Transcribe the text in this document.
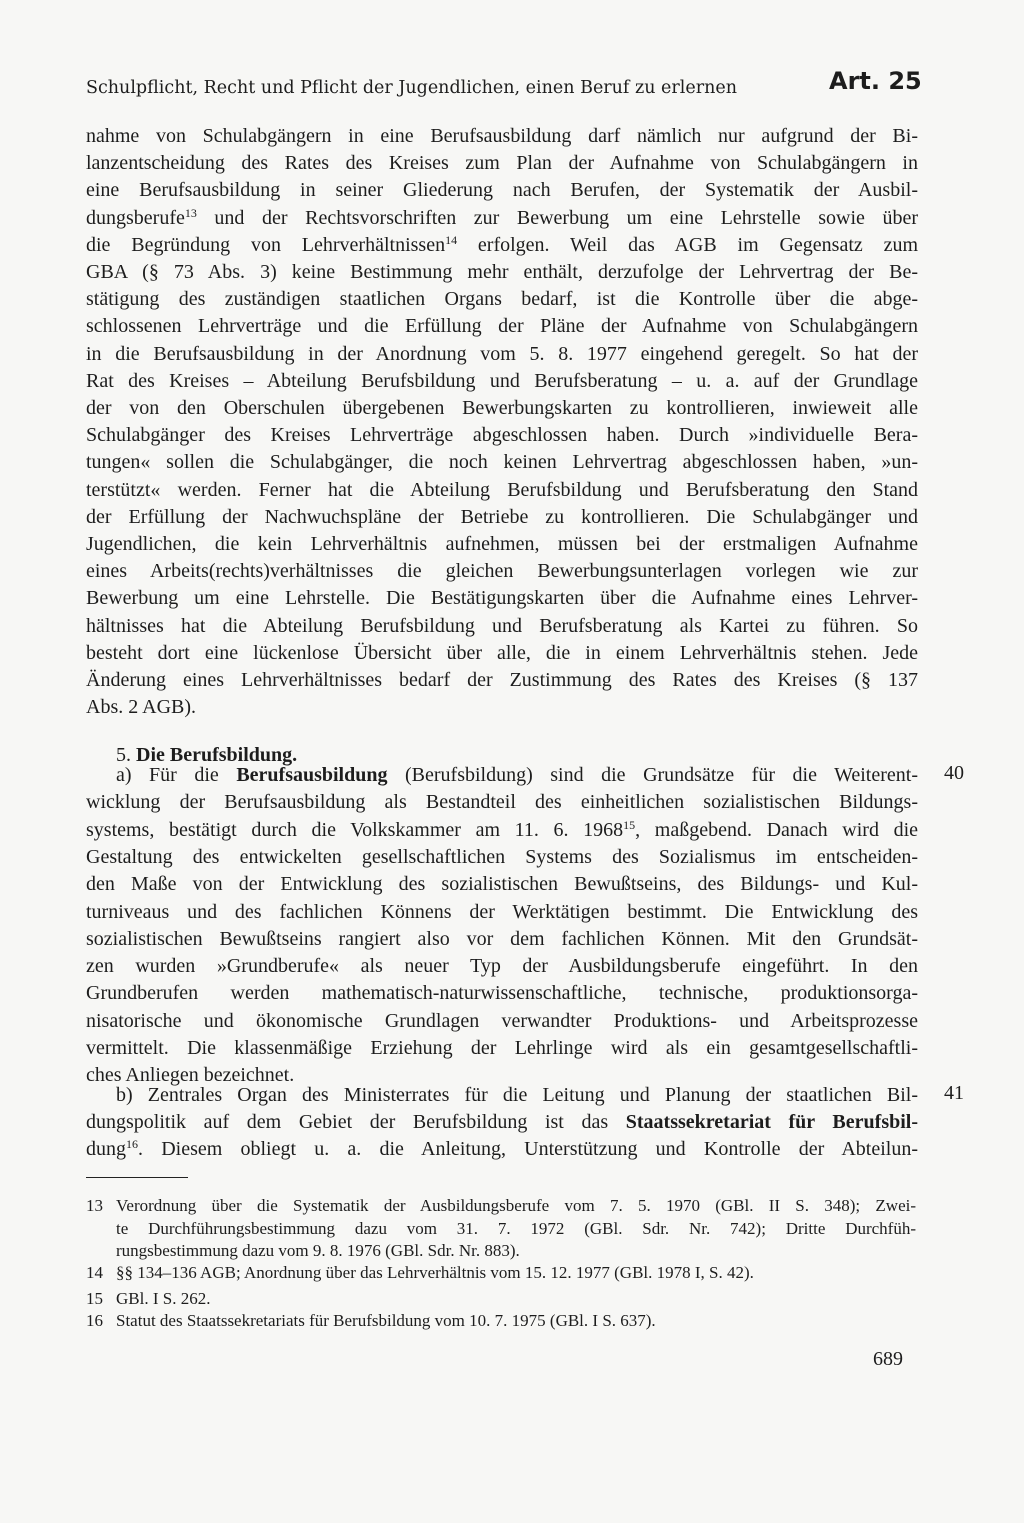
Schulpflicht, Recht und Pflicht der Jugendlichen, einen Beruf zu erlernen	Art. 25
nahme von Schulabgängern in eine Berufsausbildung darf nämlich nur aufgrund der Bi-
lanzentscheidung des Rates des Kreises zum Plan der Aufnahme von Schulabgängern in
eine Berufsausbildung in seiner Gliederung nach Berufen, der Systematik der Ausbil-
dungsberufe$^{13}$ und der Rechtsvorschriften zur Bewerbung um eine Lehrstelle sowie über
die Begründung von Lehrverhältnissen$^{14}$ erfolgen. Weil das AGB im Gegensatz zum
GBA (§ 73 Abs. 3) keine Bestimmung mehr enthält, derzufolge der Lehrvertrag der Be-
stätigung des zuständigen staatlichen Organs bedarf, ist die Kontrolle über die abge-
schlossenen Lehrverträge und die Erfüllung der Pläne der Aufnahme von Schulabgängern
in die Berufsausbildung in der Anordnung vom 5. 8. 1977 eingehend geregelt. So hat der
Rat des Kreises – Abteilung Berufsbildung und Berufsberatung – u. a. auf der Grundlage
der von den Oberschulen übergebenen Bewerbungskarten zu kontrollieren, inwieweit alle
Schulabgänger des Kreises Lehrverträge abgeschlossen haben. Durch »individuelle Bera-
tungen« sollen die Schulabgänger, die noch keinen Lehrvertrag abgeschlossen haben, »un-
terstützt« werden. Ferner hat die Abteilung Berufsbildung und Berufsberatung den Stand
der Erfüllung der Nachwuchspläne der Betriebe zu kontrollieren. Die Schulabgänger und
Jugendlichen, die kein Lehrverhältnis aufnehmen, müssen bei der erstmaligen Aufnahme
eines Arbeits(rechts)verhältnisses die gleichen Bewerbungsunterlagen vorlegen wie zur
Bewerbung um eine Lehrstelle. Die Bestätigungskarten über die Aufnahme eines Lehrver-
hältnisses hat die Abteilung Berufsbildung und Berufsberatung als Kartei zu führen. So
besteht dort eine lückenlose Übersicht über alle, die in einem Lehrverhältnis stehen. Jede
Änderung eines Lehrverhältnisses bedarf der Zustimmung des Rates des Kreises (§ 137
Abs. 2 AGB).
5. Die Berufsbildung.
40
a) Für die Berufsausbildung (Berufsbildung) sind die Grundsätze für die Weiterent-
wicklung der Berufsausbildung als Bestandteil des einheitlichen sozialistischen Bildungs-
systems, bestätigt durch die Volkskammer am 11. 6. 1968$^{15}$, maßgebend. Danach wird die
Gestaltung des entwickelten gesellschaftlichen Systems des Sozialismus im entscheiden-
den Maße von der Entwicklung des sozialistischen Bewußtseins, des Bildungs- und Kul-
turniveaus und des fachlichen Könnens der Werktätigen bestimmt. Die Entwicklung des
sozialistischen Bewußtseins rangiert also vor dem fachlichen Können. Mit den Grundsät-
zen wurden »Grundberufe« als neuer Typ der Ausbildungsberufe eingeführt. In den
Grundberufen werden mathematisch-naturwissenschaftliche, technische, produktionsorga-
nisatorische und ökonomische Grundlagen verwandter Produktions- und Arbeitsprozesse
vermittelt. Die klassenmäßige Erziehung der Lehrlinge wird als ein gesamtgesellschaftli-
ches Anliegen bezeichnet.
41
b) Zentrales Organ des Ministerrates für die Leitung und Planung der staatlichen Bil-
dungspolitik auf dem Gebiet der Berufsbildung ist das Staatssekretariat für Berufsbil-
dung$^{16}$. Diesem obliegt u. a. die Anleitung, Unterstützung und Kontrolle der Abteilun-
13 Verordnung über die Systematik der Ausbildungsberufe vom 7. 5. 1970 (GBl. II S. 348); Zwei-
te Durchführungsbestimmung dazu vom 31. 7. 1972 (GBl. Sdr. Nr. 742); Dritte Durchfüh-
rungsbestimmung dazu vom 9. 8. 1976 (GBl. Sdr. Nr. 883).
14 §§ 134–136 AGB; Anordnung über das Lehrverhältnis vom 15. 12. 1977 (GBl. 1978 I, S. 42).
15 GBl. I S. 262.
16 Statut des Staatssekretariats für Berufsbildung vom 10. 7. 1975 (GBl. I S. 637).
689
